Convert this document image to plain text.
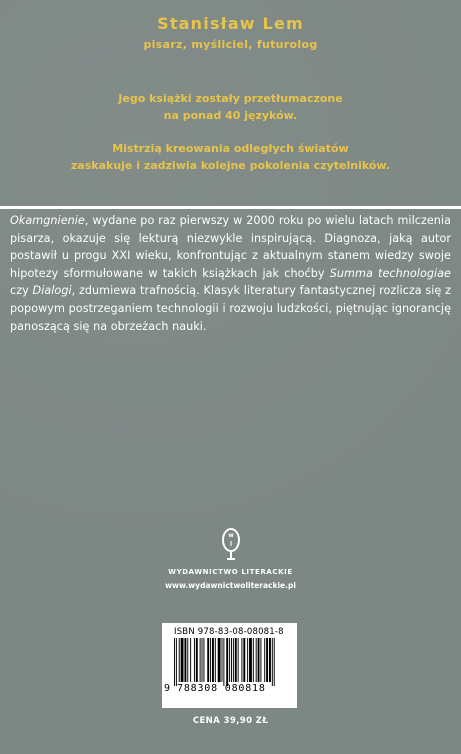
Stanisław Lem
pisarz, myśliciel, futurolog
Jego książki zostały przetłumaczone
na ponad 40 języków.
Mistrzią kreowania odległych światów
zaskakuje i zadziwia kolejne pokolenia czytelników.
Okamgnienie, wydane po raz pierwszy w 2000 roku po wielu latach milczenia pisarza, okazuje się lekturą niezwykle inspirującą. Diagnoza, jaką autor postawił u progu XXI wieku, konfrontując z aktualnym stanem wiedzy swoje hipotezy sformułowane w takich książkach jak choćby Summa technologiae czy Dialogi, zdumiewa trafnością. Klasyk literatury fantastycznej rozlicza się z popowym postrzeganiem technologii i rozwoju ludzkości, piętnując ignorancję panoszącą się na obrzeżach nauki.
w
l
WYDAWNICTWO LITERACKIE
www.wydawnictwoliterackie.pl
ISBN 978-83-08-08081-8
9 788308 080818
CENA 39,90 ZŁ
